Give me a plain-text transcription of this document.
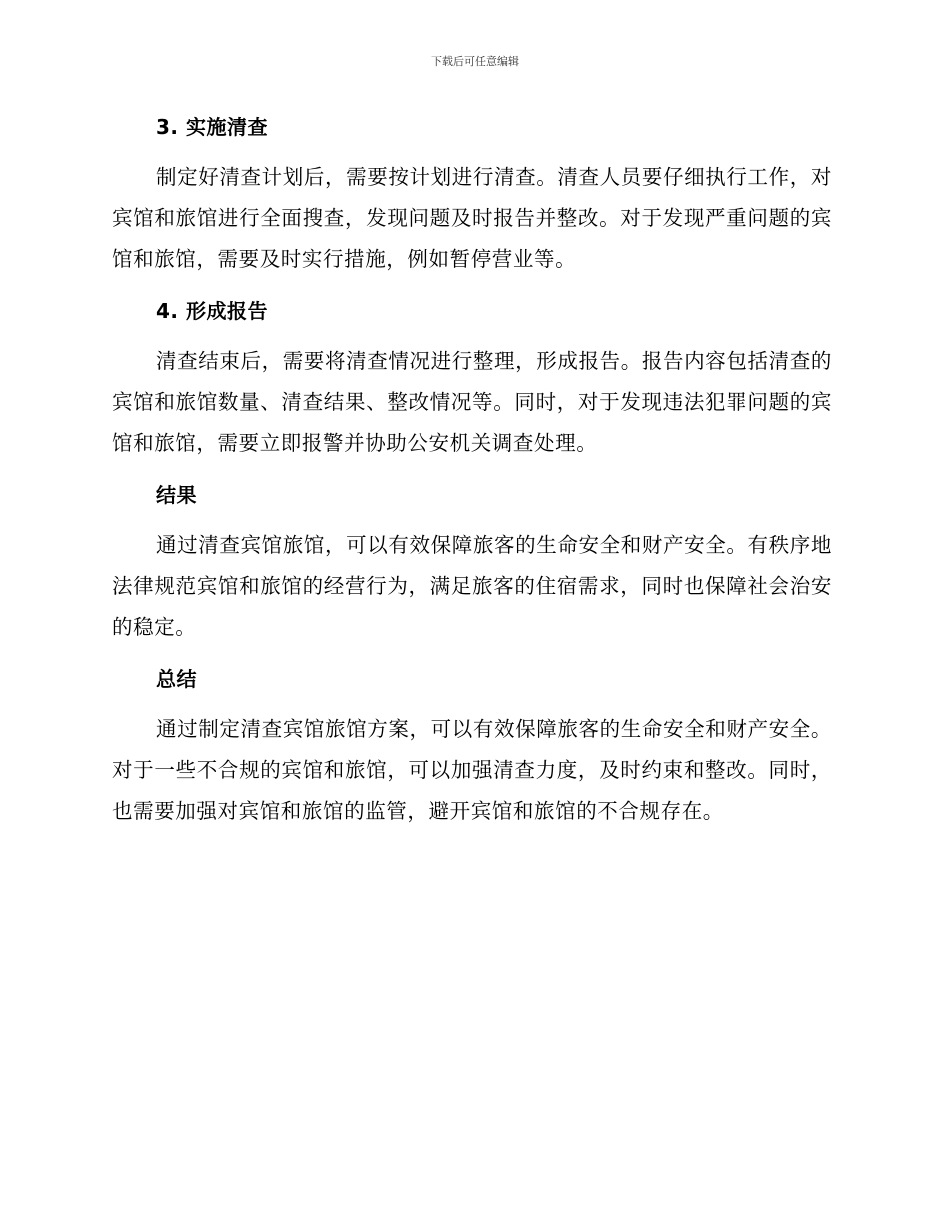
下载后可任意编辑
3. 实施清查

制定好清查计划后，需要按计划进行清查。清查人员要仔细执行工作，对宾馆和旅馆进行全面搜查，发现问题及时报告并整改。对于发现严重问题的宾馆和旅馆，需要及时实行措施，例如暂停营业等。

4. 形成报告

清查结束后，需要将清查情况进行整理，形成报告。报告内容包括清查的宾馆和旅馆数量、清查结果、整改情况等。同时，对于发现违法犯罪问题的宾馆和旅馆，需要立即报警并协助公安机关调查处理。

结果

通过清查宾馆旅馆，可以有效保障旅客的生命安全和财产安全。有秩序地法律规范宾馆和旅馆的经营行为，满足旅客的住宿需求，同时也保障社会治安的稳定。

总结

通过制定清查宾馆旅馆方案，可以有效保障旅客的生命安全和财产安全。对于一些不合规的宾馆和旅馆，可以加强清查力度，及时约束和整改。同时，也需要加强对宾馆和旅馆的监管，避开宾馆和旅馆的不合规存在。
